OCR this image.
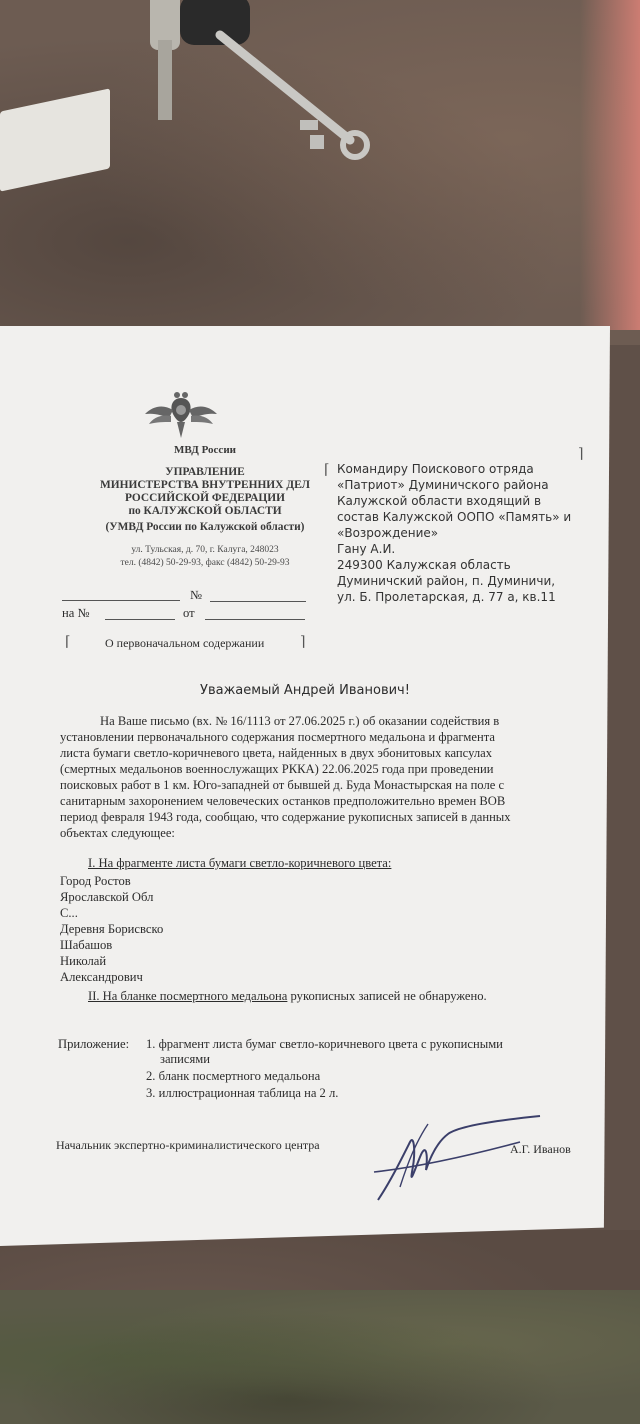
МВД России
УПРАВЛЕНИЕ
МИНИСТЕРСТВА ВНУТРЕННИХ ДЕЛ
РОССИЙСКОЙ ФЕДЕРАЦИИ
по КАЛУЖСКОЙ ОБЛАСТИ
(УМВД России по Калужской области)
ул. Тульская, д. 70, г. Калуга, 248023
тел. (4842) 50-29-93, факс (4842) 50-29-93
№
на №	от
⌈	О первоначальном содержании	⌉
⌈
⌉
Командиру Поискового отряда
«Патриот» Думиничского района
Калужской области входящий в
состав Калужской ООПО «Память» и
«Возрождение»
Гану А.И.
249300 Калужская область
Думиничский район, п. Думиничи,
ул. Б. Пролетарская, д. 77 а, кв.11
Уважаемый Андрей Иванович!
На Ваше письмо (вх. № 16/1113 от 27.06.2025 г.) об оказании содействия в
установлении первоначального содержания посмертного медальона и фрагмента
листа бумаги светло-коричневого цвета, найденных в двух эбонитовых капсулах
(смертных медальонов военнослужащих РККА) 22.06.2025 года при проведении
поисковых работ в 1 км. Юго-западней от бывшей д. Буда Монастырская на поле с
санитарным захоронением человеческих останков предположительно времен ВОВ
период февраля 1943 года, сообщаю, что содержание рукописных записей в данных
объектах следующее:
I. На фрагменте листа бумаги светло-коричневого цвета:
Город Ростов
Ярославской Обл
С...
Деревня Борисвско
Шабашов
Николай
Александрович
II. На бланке посмертного медальона рукописных записей не обнаружено.
Приложение: 1. фрагмент листа бумаг светло-коричневого цвета с рукописными
записями
2. бланк посмертного медальона
3. иллюстрационная таблица на 2 л.
Начальник экспертно-криминалистического центра	А.Г. Иванов
